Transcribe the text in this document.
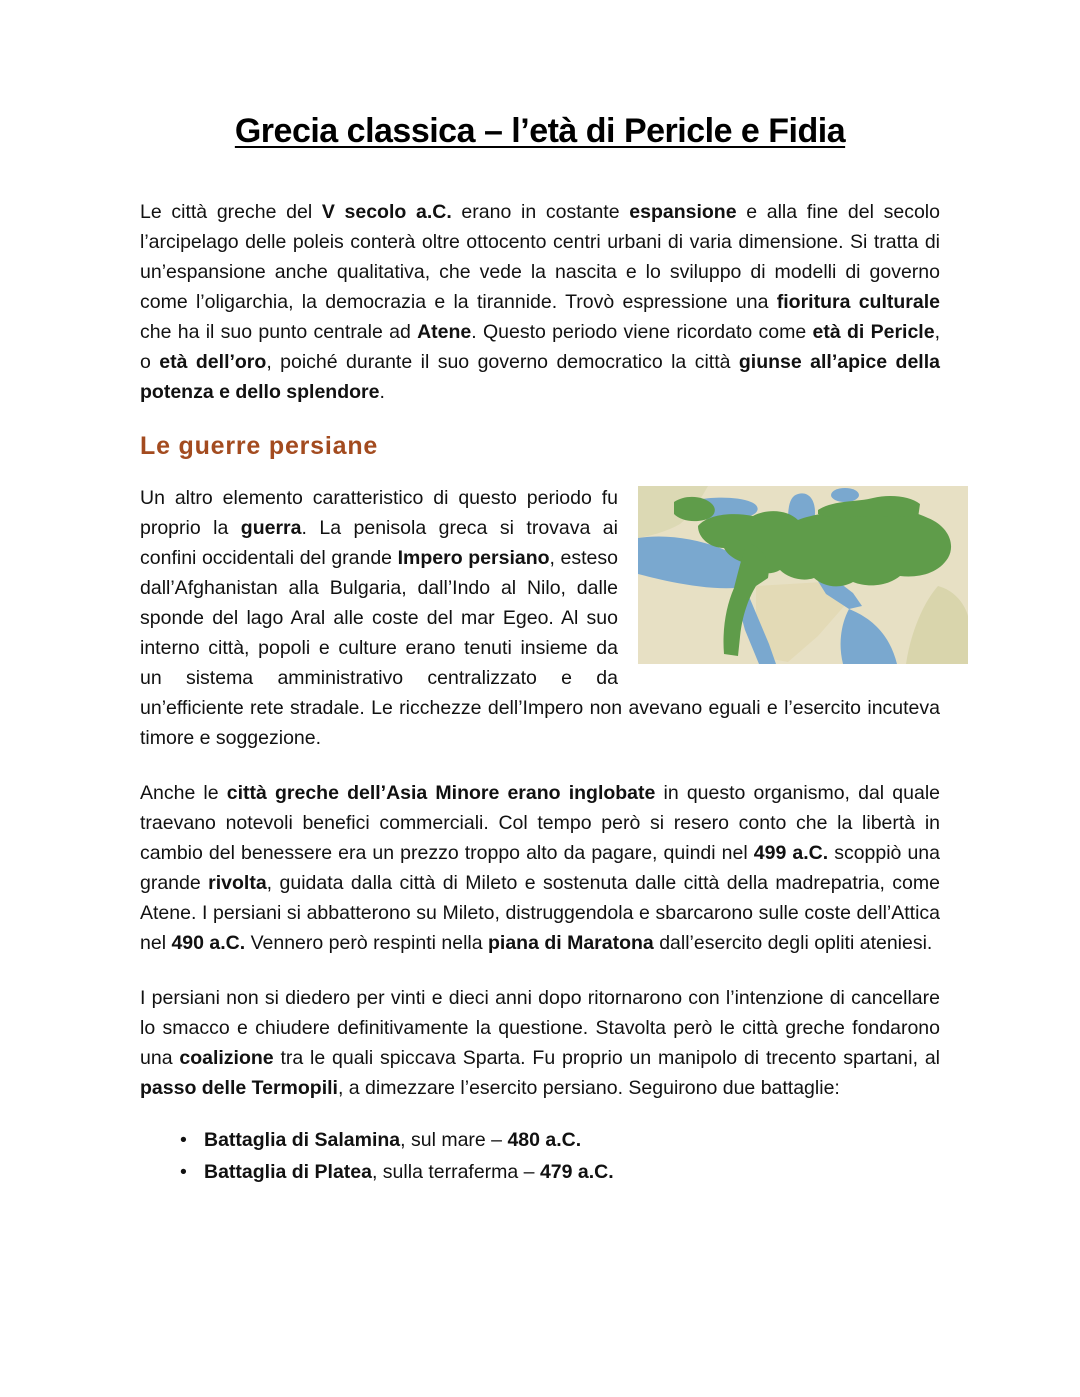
Grecia classica – l’età di Pericle e Fidia

Le città greche del V secolo a.C. erano in costante espansione e alla fine del secolo l’arcipelago delle poleis conterà oltre ottocento centri urbani di varia dimensione. Si tratta di un’espansione anche qualitativa, che vede la nascita e lo sviluppo di modelli di governo come l’oligarchia, la democrazia e la tirannide. Trovò espressione una fioritura culturale che ha il suo punto centrale ad Atene. Questo periodo viene ricordato come età di Pericle, o età dell’oro, poiché durante il suo governo democratico la città giunse all’apice della potenza e dello splendore.

Le guerre persiane
Un altro elemento caratteristico di questo periodo fu proprio la guerra. La penisola greca si trovava ai confini occidentali del grande Impero persiano, esteso dall’Afghanistan alla Bulgaria, dall’Indo al Nilo, dalle sponde del lago Aral alle coste del mar Egeo. Al suo interno città, popoli e culture erano tenuti insieme da un sistema amministrativo centralizzato e da un’efficiente rete stradale. Le ricchezze dell’Impero non avevano eguali e l’esercito incuteva timore e soggezione.

Anche le città greche dell’Asia Minore erano inglobate in questo organismo, dal quale traevano notevoli benefici commerciali. Col tempo però si resero conto che la libertà in cambio del benessere era un prezzo troppo alto da pagare, quindi nel 499 a.C. scoppiò una grande rivolta, guidata dalla città di Mileto e sostenuta dalle città della madrepatria, come Atene. I persiani si abbatterono su Mileto, distruggendola e sbarcarono sulle coste dell’Attica nel 490 a.C. Vennero però respinti nella piana di Maratona dall’esercito degli opliti ateniesi.

I persiani non si diedero per vinti e dieci anni dopo ritornarono con l’intenzione di cancellare lo smacco e chiudere definitivamente la questione. Stavolta però le città greche fondarono una coalizione tra le quali spiccava Sparta. Fu proprio un manipolo di trecento spartani, al passo delle Termopili, a dimezzare l’esercito persiano. Seguirono due battaglie:

• Battaglia di Salamina, sul mare – 480 a.C.
• Battaglia di Platea, sulla terraferma – 479 a.C.
